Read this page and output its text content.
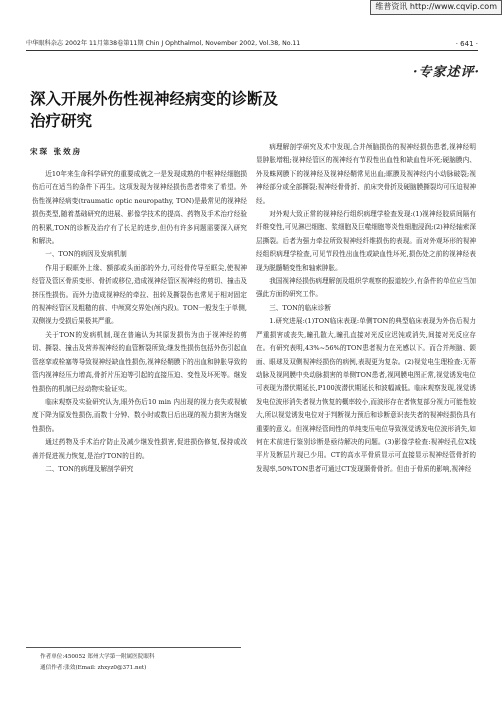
维普资讯 http://www.cqvip.com
中华眼科杂志 2002年 11月第38卷第11期 Chin J Ophthalmol, November 2002, Vol.38, No.11	· 641 ·
·专家述评·
深入开展外伤性视神经病变的诊断及治疗研究
宋琛 张效房

近10年来生命科学研究的重要成就之一是发现成熟的中枢神经细胞损伤后可在适当的条件下再生。这项发现为视神经损伤患者带来了希望。外伤性视神经病变(traumatic optic neuropathy, TON)是最常见的视神经损伤类型,随着基础研究的进展、影像学技术的提高、药物及手术治疗经验的积累,TON的诊断及治疗有了长足的进步,但仍有许多问题需要深入研究和解决。

一、TON的病因及发病机制

作用于眼眶外上缘、额部或头面部的外力,可经骨传导至眶尖,使视神经管及管区骨质变形、骨折或移位,造成视神经管区视神经的剪切、撞击及挤压性损伤。而外力造成视神经的牵拉、扭转及撕裂伤也常见于相对固定的视神经管区及粗糙的前、中颅窝交界处(颅内段)。TON一般发生于单侧,双侧视力受损后果极其严重。

关于TON的发病机制,现在普遍认为其原发损伤为由于视神经的剪切、撕裂、撞击及营养视神经的血管断裂所致;继发性损伤包括外伤引起血管痉挛或栓塞等导致视神经缺血性损伤,视神经鞘膜下的出血和肿胀导致的管内视神经压力增高,骨折片压迫等引起的直接压迫、变性及坏死等。继发性损伤的机制已经动物实验证实。

临床观察及实验研究认为,眼外伤后10 min 内出现的视力丧失或视敏度下降为原发性损伤,而数十分钟、数小时或数日后出现的视力损害为继发性损伤。

通过药物及手术治疗防止及减少继发性损害,促进损伤修复,保持或改善并促进视力恢复,是治疗TON的目的。

二、TON的病理及解剖学研究

病理解剖学研究及术中发现,合并颅脑损伤的视神经损伤患者,视神经明显肿胀增粗;视神经管区的视神经有节段性出血性和缺血性坏死;硬脑膜内、外及蛛网膜下的视神经及视神经鞘常见出血;眶膜及视神经内小动脉破裂;视神经部分或全部撕裂;视神经骨骨折、前床突骨折及硬脑膜撕裂均可压迫视神经。

对外观大致正常的视神经行组织病理学检查发现:(1)视神经胶质间隔有纤维变性,可见淋巴细胞、浆细胞及巨噬细胞等炎性细胞浸润;(2)神经轴索深层撕裂。后者为强力牵拉所致视神经纤维损伤的表现。而对外观环形的视神经组织病理学检查,可见节段性出血性或缺血性坏死,损伤处之前的视神经表现为脱髓鞘变性和轴索肿胀。

我国视神经损伤病理解剖及组织学观察的报道较少,有条件的单位应当加强此方面的研究工作。

三、TON的临床诊断

1.研究进展:(1)TON临床表现:单侧TON的典型临床表现为外伤后视力严重损害或丧失,瞳孔散大,瞳孔直接对光反应迟钝或消失,间接对光反应存在。有研究表明,43%~56%的TON患者视力在光感以下。而合并颅脑、颌面、眼球及双侧视神经损伤的病例,表现更为复杂。(2)视觉电生理检查:无蒂动脉及视网膜中央动脉损害的单侧TON患者,视网膜电图正常,视觉诱发电位可表现为潜伏期延长,P100波潜伏期延长和波幅减低。临床观察发现,视觉诱发电位波形消失者视力恢复的概率较小,而波形存在者恢复部分视力可能性较大,所以视觉诱发电位对于判断视力预后和诊断意识丧失者的视神经损伤具有重要的意义。但视神经管间性的单纯变压电位导致视觉诱发电位波形消失,如何在术前进行鉴别诊断是亟待解决的问题。(3)影像学检查:视神经孔位X线平片及断层片现已少用。CT的高水平骨质显示可直接显示视神经管骨折的发现率,50%TON患者可通过CT发现颞骨骨折。但由于骨质的影响,视神经

作者单位:450052 郑州大学第一附属医院眼科
通信作者:张效(Email: zhxyz0@371.net)
